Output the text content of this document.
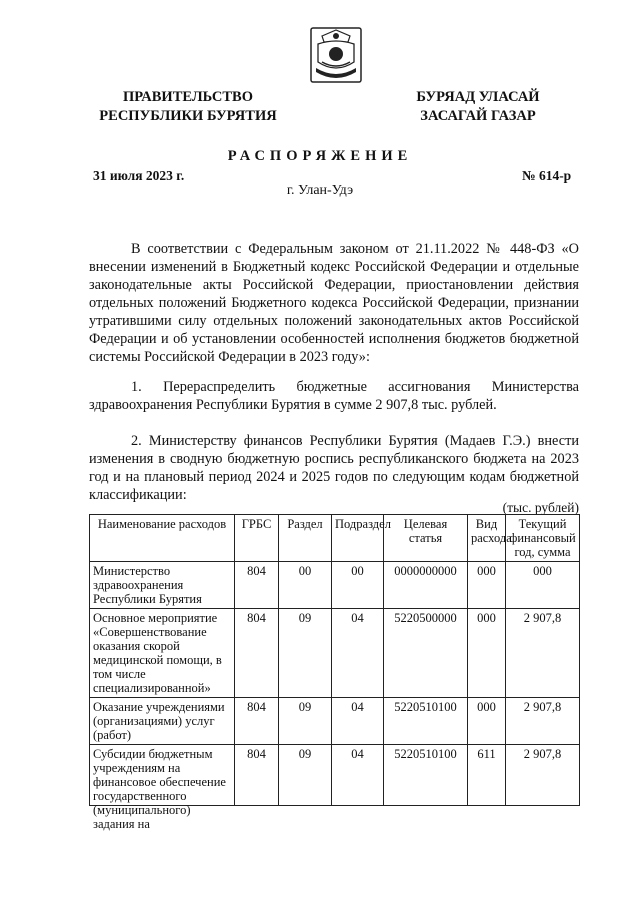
ПРАВИТЕЛЬСТВО
РЕСПУБЛИКИ БУРЯТИЯ
БУРЯАД УЛАСАЙ
ЗАСАГАЙ ГАЗАР
РАСПОРЯЖЕНИЕ
31 июля 2023 г.	№ 614-р
г. Улан-Удэ

В соответствии с Федеральным законом от 21.11.2022 № 448-ФЗ «О внесении изменений в Бюджетный кодекс Российской Федерации и отдельные законодательные акты Российской Федерации, приостановлении действия отдельных положений Бюджетного кодекса Российской Федерации, признании утратившими силу отдельных положений законодательных актов Российской Федерации и об установлении особенностей исполнения бюджетов бюджетной системы Российской Федерации в 2023 году»:

1. Перераспределить бюджетные ассигнования Министерства здравоохранения Республики Бурятия в сумме 2 907,8 тыс. рублей.

2. Министерству финансов Республики Бурятия (Мадаев Г.Э.) внести изменения в сводную бюджетную роспись республиканского бюджета на 2023 год и на плановый период 2024 и 2025 годов по следующим кодам бюджетной классификации:

(тыс. рублей)
Наименование расходов	ГРБС	Раздел	Подраздел	Целевая статья	Вид расхода	Текущий финансовый год, сумма
Министерство здравоохранения Республики Бурятия	804	00	00	0000000000	000	000
Основное мероприятие «Совершенствование оказания скорой медицинской помощи, в том числе специализированной»	804	09	04	5220500000	000	2 907,8
Оказание учреждениями (организациями) услуг (работ)	804	09	04	5220510100	000	2 907,8

Субсидии бюджетным учреждениям на финансовое обеспечение государственного (муниципального) задания на	804	09	04	5220510100	611	2 907,8
